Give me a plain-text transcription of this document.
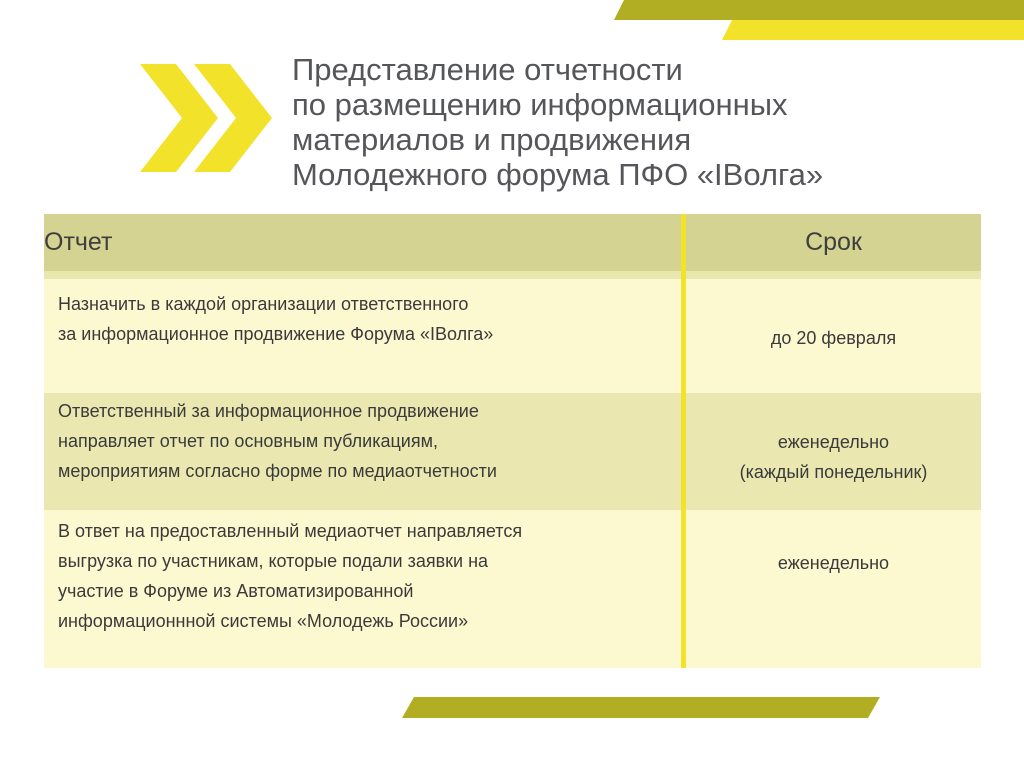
Представление отчетности
по размещению информационных
материалов и продвижения
Молодежного форума ПФО «IВолга»
Отчет	Срок
Назначить в каждой организации ответственного
за информационное продвижение Форума «IВолга»	до 20 февраля
Ответственный за информационное продвижение
направляет отчет по основным публикациям,
мероприятиям согласно форме по медиаотчетности
еженедельно
(каждый понедельник)
В ответ на предоставленный медиаотчет направляется
выгрузка по участникам, которые подали заявки на
участие в Форуме из Автоматизированной
информационнной системы «Молодежь России»
еженедельно
